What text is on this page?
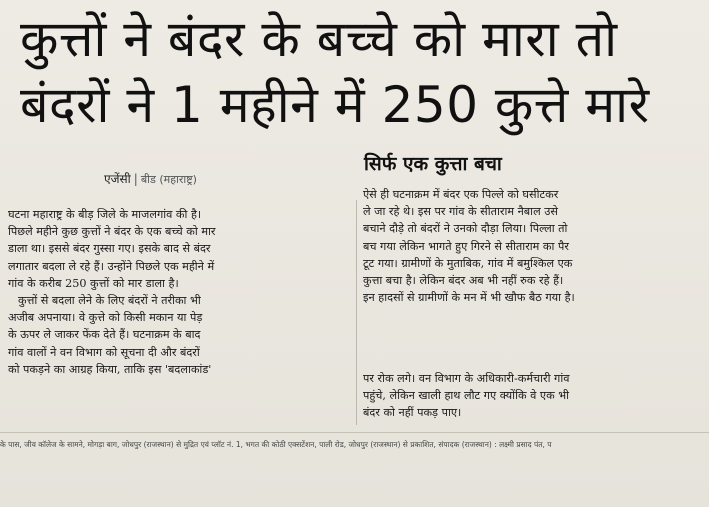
कुत्तों ने बंदर के बच्चे को मारा तो
बंदरों ने 1 महीने में 250 कुत्ते मारे
एजेंसी | बीड (महाराष्ट्र)
सिर्फ एक कुत्ता बचा
घटना महाराष्ट्र के बीड़ जिले के माजलगांव की है।
पिछले महीने कुछ कुत्तों ने बंदर के एक बच्चे को मार
डाला था। इससे बंदर गुस्सा गए। इसके बाद से बंदर
लगातार बदला ले रहे हैं। उन्होंने पिछले एक महीने में
गांव के करीब 250 कुत्तों को मार डाला है।
कुत्तों से बदला लेने के लिए बंदरों ने तरीका भी
अजीब अपनाया। वे कुत्ते को किसी मकान या पेड़
के ऊपर ले जाकर फेंक देते हैं। घटनाक्रम के बाद
गांव वालों ने वन विभाग को सूचना दी और बंदरों
को पकड़ने का आग्रह किया, ताकि इस 'बदलाकांड'
ऐसे ही घटनाक्रम में बंदर एक पिल्ले को घसीटकर
ले जा रहे थे। इस पर गांव के सीताराम नैबाल उसे
बचाने दौड़े तो बंदरों ने उनको दौड़ा लिया। पिल्ला तो
बच गया लेकिन भागते हुए गिरने से सीताराम का पैर
टूट गया। ग्रामीणों के मुताबिक, गांव में बमुश्किल एक
कुत्ता बचा है। लेकिन बंदर अब भी नहीं रुक रहे हैं।
इन हादसों से ग्रामीणों के मन में भी खौफ बैठ गया है।
पर रोक लगे। वन विभाग के अधिकारी-कर्मचारी गांव
पहुंचे, लेकिन खाली हाथ लौट गए क्योंकि वे एक भी
बंदर को नहीं पकड़ पाए।
के पास, जीव कॉलेज के सामने, मोगड़ा बाग, जोधपुर (राजस्थान) से मुद्रित एवं प्लॉट नं. 1, भगत की कोठी एक्सटेंशन, पाली रोड, जोधपुर (राजस्थान) से प्रकाशित, संपादक (राजस्थान) : लक्ष्मी प्रसाद पंत, प
